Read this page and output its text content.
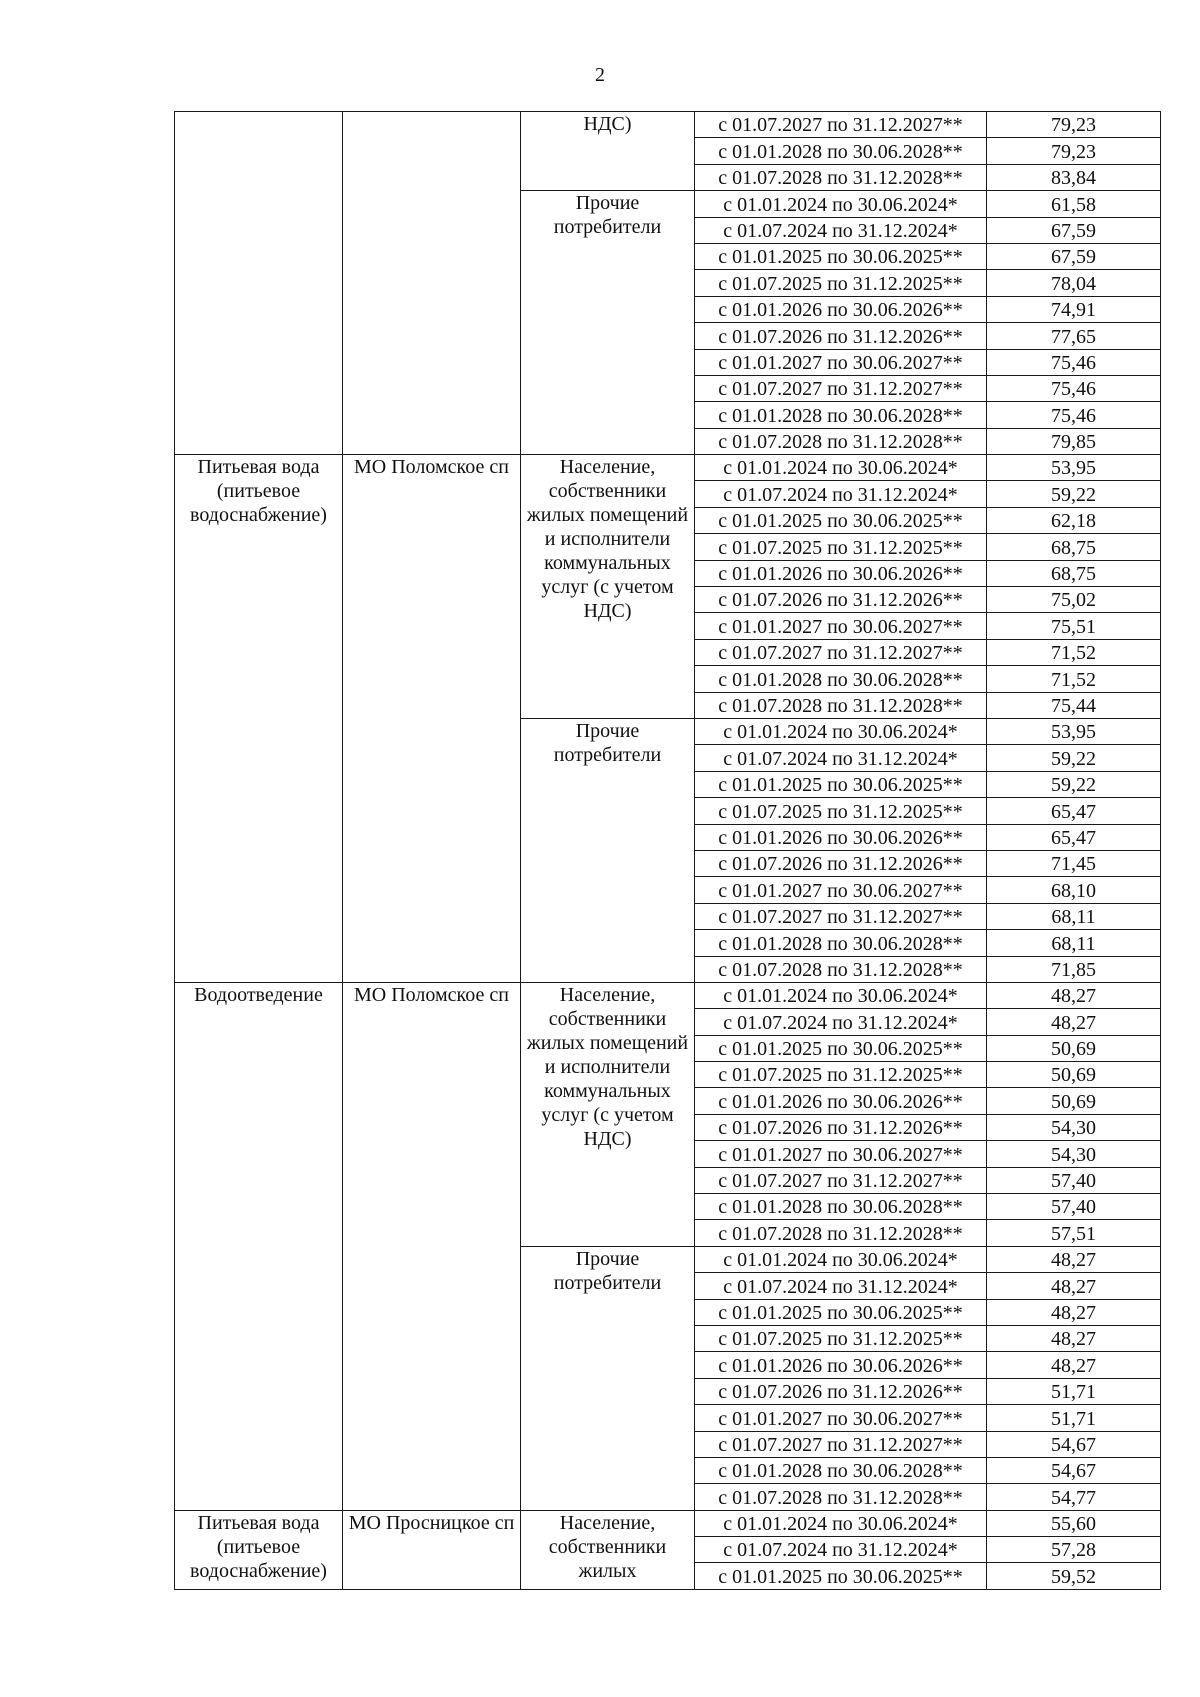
2
		НДС)	с 01.07.2027 по 31.12.2027**	79,23
			с 01.01.2028 по 30.06.2028**	79,23
			с 01.07.2028 по 31.12.2028**	83,84
		Прочие потребители	с 01.01.2024 по 30.06.2024*	61,58
			с 01.07.2024 по 31.12.2024*	67,59
			с 01.01.2025 по 30.06.2025**	67,59
			с 01.07.2025 по 31.12.2025**	78,04
			с 01.01.2026 по 30.06.2026**	74,91
			с 01.07.2026 по 31.12.2026**	77,65
			с 01.01.2027 по 30.06.2027**	75,46
			с 01.07.2027 по 31.12.2027**	75,46
			с 01.01.2028 по 30.06.2028**	75,46
			с 01.07.2028 по 31.12.2028**	79,85
Питьевая вода (питьевое водоснабжение)	МО Поломское сп	Население, собственники жилых помещений и исполнители коммунальных услуг (с учетом НДС)	с 01.01.2024 по 30.06.2024*	53,95
			с 01.07.2024 по 31.12.2024*	59,22
			с 01.01.2025 по 30.06.2025**	62,18
			с 01.07.2025 по 31.12.2025**	68,75
			с 01.01.2026 по 30.06.2026**	68,75
			с 01.07.2026 по 31.12.2026**	75,02
			с 01.01.2027 по 30.06.2027**	75,51
			с 01.07.2027 по 31.12.2027**	71,52
			с 01.01.2028 по 30.06.2028**	71,52
			с 01.07.2028 по 31.12.2028**	75,44
		Прочие потребители	с 01.01.2024 по 30.06.2024*	53,95
			с 01.07.2024 по 31.12.2024*	59,22
			с 01.01.2025 по 30.06.2025**	59,22
			с 01.07.2025 по 31.12.2025**	65,47
			с 01.01.2026 по 30.06.2026**	65,47
			с 01.07.2026 по 31.12.2026**	71,45
			с 01.01.2027 по 30.06.2027**	68,10
			с 01.07.2027 по 31.12.2027**	68,11
			с 01.01.2028 по 30.06.2028**	68,11
			с 01.07.2028 по 31.12.2028**	71,85
Водоотведение	МО Поломское сп	Население, собственники жилых помещений и исполнители коммунальных услуг (с учетом НДС)	с 01.01.2024 по 30.06.2024*	48,27
			с 01.07.2024 по 31.12.2024*	48,27
			с 01.01.2025 по 30.06.2025**	50,69
			с 01.07.2025 по 31.12.2025**	50,69
			с 01.01.2026 по 30.06.2026**	50,69
			с 01.07.2026 по 31.12.2026**	54,30
			с 01.01.2027 по 30.06.2027**	54,30
			с 01.07.2027 по 31.12.2027**	57,40
			с 01.01.2028 по 30.06.2028**	57,40
			с 01.07.2028 по 31.12.2028**	57,51
		Прочие потребители	с 01.01.2024 по 30.06.2024*	48,27
			с 01.07.2024 по 31.12.2024*	48,27
			с 01.01.2025 по 30.06.2025**	48,27
			с 01.07.2025 по 31.12.2025**	48,27
			с 01.01.2026 по 30.06.2026**	48,27
			с 01.07.2026 по 31.12.2026**	51,71
			с 01.01.2027 по 30.06.2027**	51,71
			с 01.07.2027 по 31.12.2027**	54,67
			с 01.01.2028 по 30.06.2028**	54,67
			с 01.07.2028 по 31.12.2028**	54,77
Питьевая вода (питьевое водоснабжение)	МО Просницкое сп	Население, собственники жилых	с 01.01.2024 по 30.06.2024*	55,60
			с 01.07.2024 по 31.12.2024*	57,28
			с 01.01.2025 по 30.06.2025**	59,52
